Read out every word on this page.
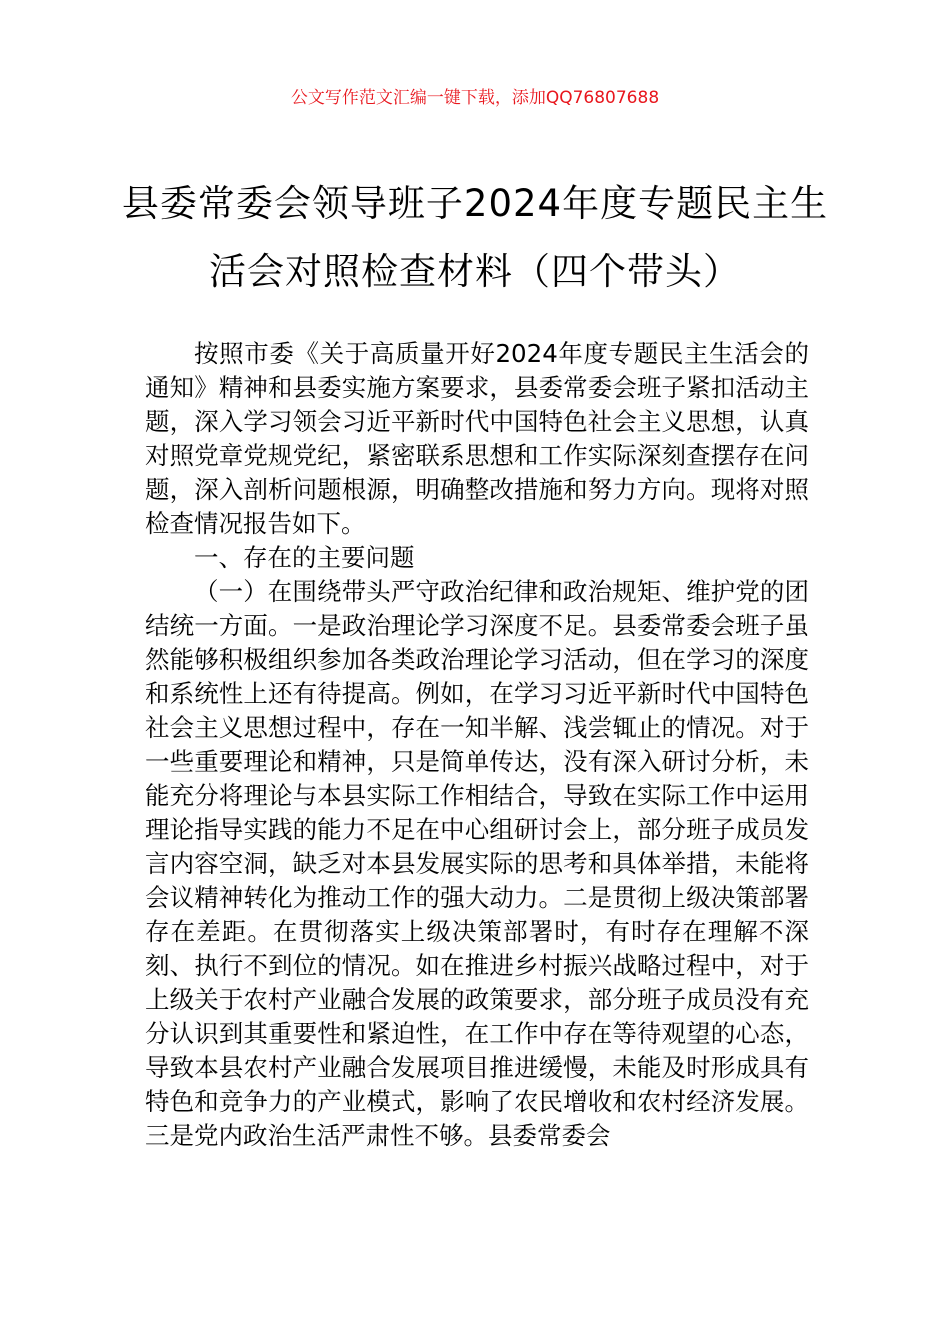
公文写作范文汇编一键下载，添加QQ76807688
县委常委会领导班子2024年度专题民主生
活会对照检查材料（四个带头）

按照市委《关于高质量开好2024年度专题民主生活会的通知》精神和县委实施方案要求，县委常委会班子紧扣活动主题，深入学习领会习近平新时代中国特色社会主义思想，认真对照党章党规党纪，紧密联系思想和工作实际深刻查摆存在问题，深入剖析问题根源，明确整改措施和努力方向。现将对照检查情况报告如下。

一、存在的主要问题

（一）在围绕带头严守政治纪律和政治规矩、维护党的团结统一方面。一是政治理论学习深度不足。县委常委会班子虽然能够积极组织参加各类政治理论学习活动，但在学习的深度和系统性上还有待提高。例如，在学习习近平新时代中国特色社会主义思想过程中，存在一知半解、浅尝辄止的情况。对于一些重要理论和精神，只是简单传达，没有深入研讨分析，未能充分将理论与本县实际工作相结合，导致在实际工作中运用理论指导实践的能力不足在中心组研讨会上，部分班子成员发言内容空洞，缺乏对本县发展实际的思考和具体举措，未能将会议精神转化为推动工作的强大动力。二是贯彻上级决策部署存在差距。在贯彻落实上级决策部署时，有时存在理解不深刻、执行不到位的情况。如在推进乡村振兴战略过程中，对于上级关于农村产业融合发展的政策要求，部分班子成员没有充分认识到其重要性和紧迫性，在工作中存在等待观望的心态，导致本县农村产业融合发展项目推进缓慢，未能及时形成具有特色和竞争力的产业模式，影响了农民增收和农村经济发展。三是党内政治生活严肃性不够。县委常委会
